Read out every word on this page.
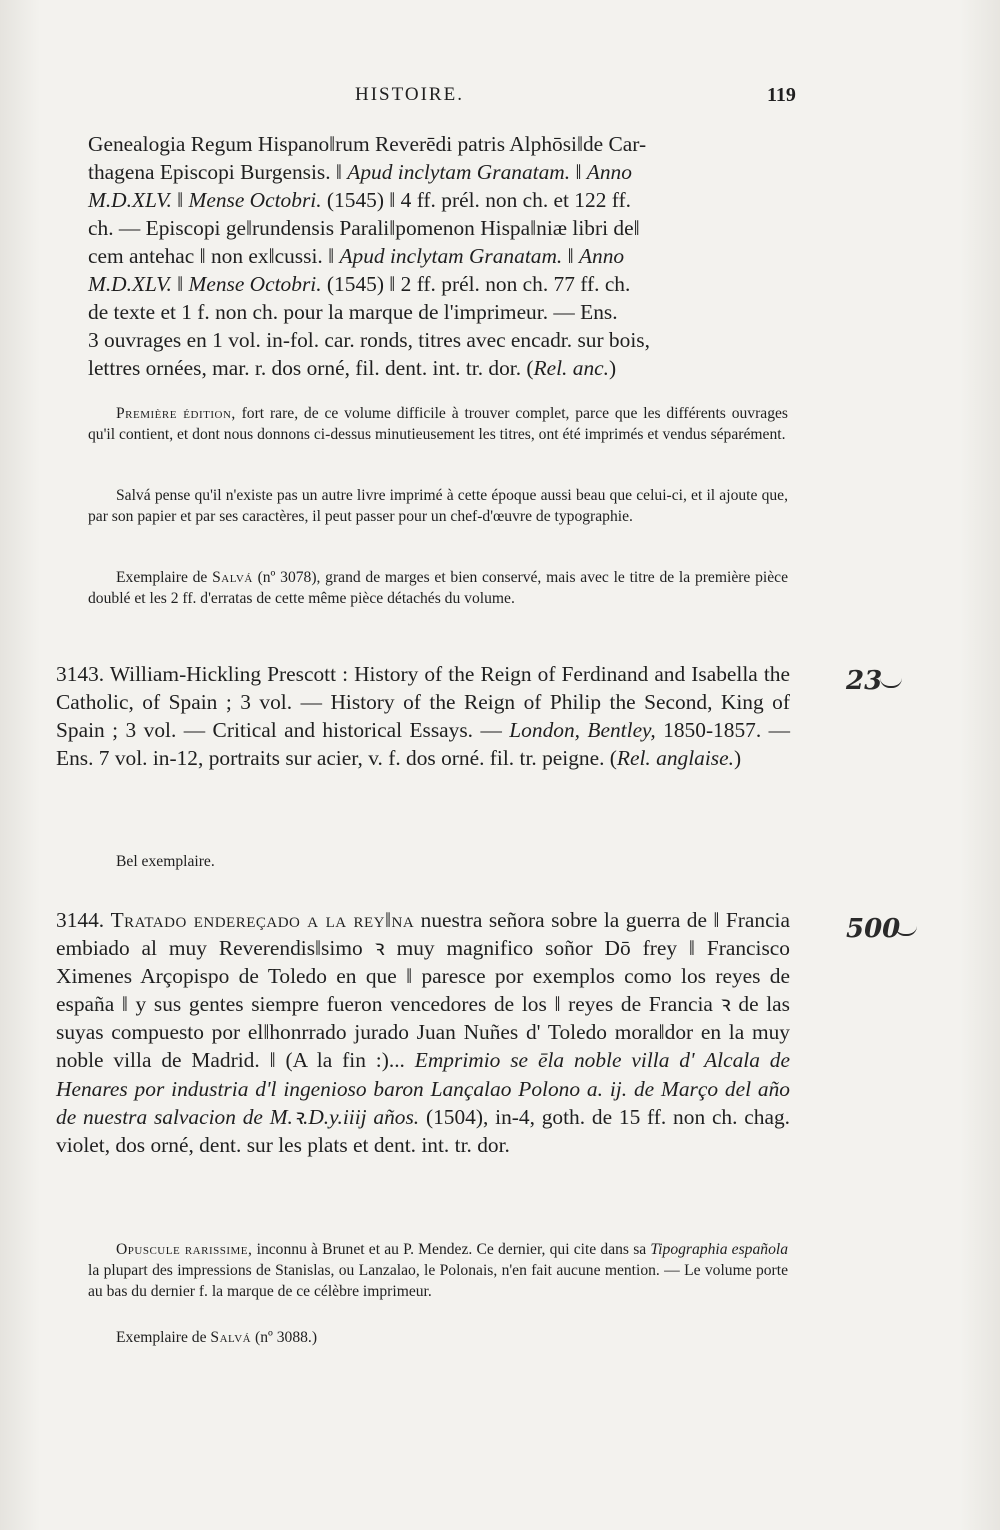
HISTOIRE.	119

Genealogia Regum Hispano‖rum Reverēdi patris Alphōsi‖de Car-

thagena Episcopi Burgensis. ‖ Apud inclytam Granatam. ‖ Anno

M.D.XLV. ‖ Mense Octobri. (1545) ‖ 4 ff. prél. non ch. et 122 ff.

ch. — Episcopi ge‖rundensis Parali‖pomenon Hispa‖niæ libri de‖

cem antehac ‖ non ex‖cussi. ‖ Apud inclytam Granatam. ‖ Anno

M.D.XLV. ‖ Mense Octobri. (1545) ‖ 2 ff. prél. non ch. 77 ff. ch.

de texte et 1 f. non ch. pour la marque de l'imprimeur. — Ens.

3 ouvrages en 1 vol. in-fol. car. ronds, titres avec encadr. sur bois,

lettres ornées, mar. r. dos orné, fil. dent. int. tr. dor. (Rel. anc.)

Première édition, fort rare, de ce volume difficile à trouver complet, parce que les différents ouvrages qu'il contient, et dont nous donnons ci-dessus minutieusement les titres, ont été imprimés et vendus séparément.

Salvá pense qu'il n'existe pas un autre livre imprimé à cette époque aussi beau que celui-ci, et il ajoute que, par son papier et par ses caractères, il peut passer pour un chef-d'œuvre de typographie.

Exemplaire de Salvá (nº 3078), grand de marges et bien conservé, mais avec le titre de la première pièce doublé et les 2 ff. d'erratas de cette même pièce détachés du volume.

3143. William-Hickling Prescott : History of the Reign of Ferdinand and Isabella the Catholic, of Spain ; 3 vol. — History of the Reign of Philip the Second, King of Spain ; 3 vol. — Critical and historical Essays. — London, Bentley, 1850-1857. — Ens. 7 vol. in-12, portraits sur acier, v. f. dos orné. fil. tr. peigne. (Rel. anglaise.)

Bel exemplaire.

23

3144. Tratado endereçado a la rey‖na nuestra señora sobre la guerra de ‖ Francia embiado al muy Reverendis‖simo ꝛ muy magnifico soñor Dō frey ‖ Francisco Ximenes Arçopispo de Toledo en que ‖ paresce por exemplos como los reyes de españa ‖ y sus gentes siempre fueron vencedores de los ‖ reyes de Francia ꝛ de las suyas compuesto por el‖honrrado jurado Juan Nuñes d' Toledo mora‖dor en la muy noble villa de Madrid. ‖ (A la fin :)... Emprimio se ēla noble villa d' Alcala de Henares por industria d'l ingenioso baron Lançalao Polono a. ij. de Março del año de nuestra salvacion de M.ꝛ.D.y.iiij años. (1504), in-4, goth. de 15 ff. non ch. chag. violet, dos orné, dent. sur les plats et dent. int. tr. dor.

Opuscule rarissime, inconnu à Brunet et au P. Mendez. Ce dernier, qui cite dans sa Tipographia española la plupart des impressions de Stanislas, ou Lanzalao, le Polonais, n'en fait aucune mention. — Le volume porte au bas du dernier f. la marque de ce célèbre imprimeur.

Exemplaire de Salvá (nº 3088.)

500
